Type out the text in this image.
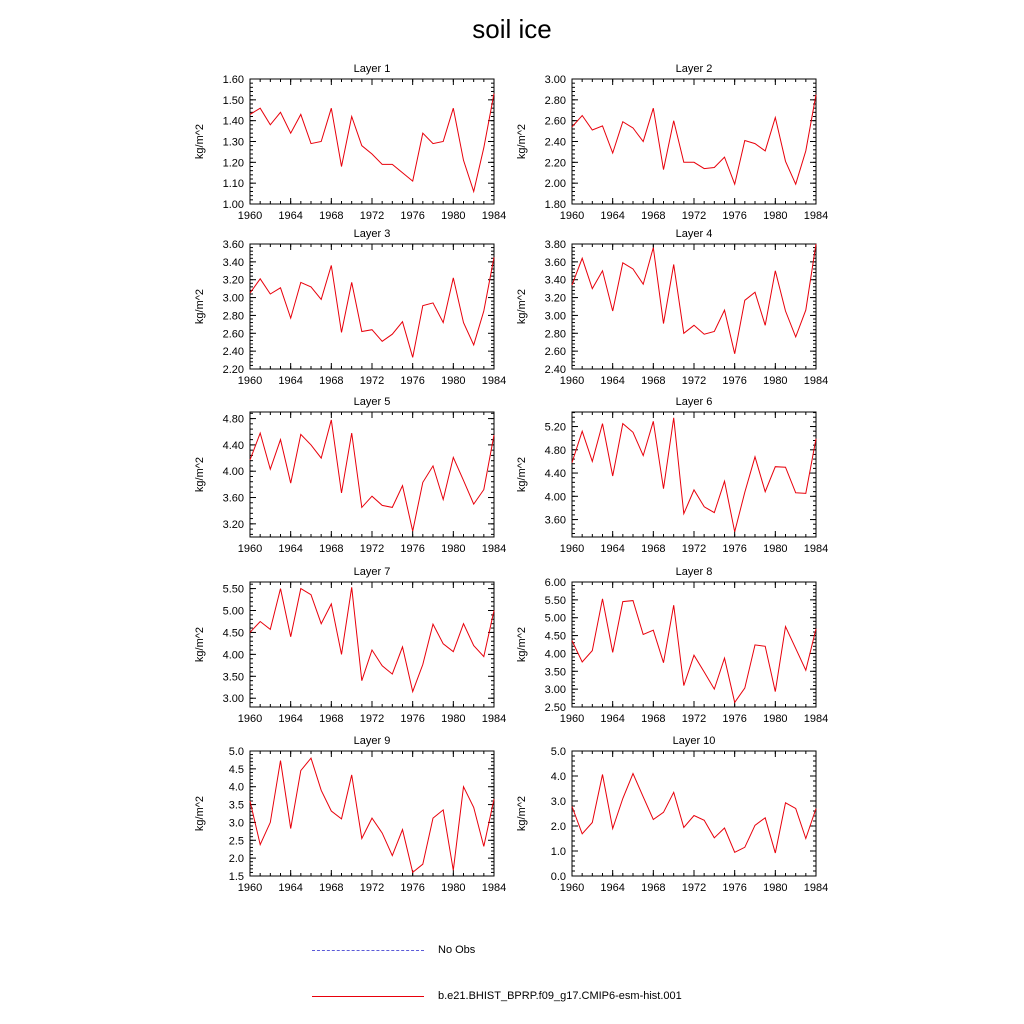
soil ice
Layer 1
kg/m^2
1960 1964 1968 1972 1976 1980 1984
1.00
1.10
1.20
1.30
1.40
1.50
1.60
Layer 2
kg/m^2
1960 1964 1968 1972 1976 1980 1984
1.80
2.00
2.20
2.40
2.60
2.80
3.00
Layer 3
kg/m^2
1960 1964 1968 1972 1976 1980 1984
2.20
2.40
2.60
2.80
3.00
3.20
3.40
3.60
Layer 4
kg/m^2
1960 1964 1968 1972 1976 1980 1984
2.40
2.60
2.80
3.00
3.20
3.40
3.60
3.80
Layer 5
kg/m^2
1960 1964 1968 1972 1976 1980 1984
3.20
3.60
4.00
4.40
4.80
Layer 6
kg/m^2
1960 1964 1968 1972 1976 1980 1984
3.60
4.00
4.40
4.80
5.20
Layer 7
kg/m^2
1960 1964 1968 1972 1976 1980 1984
3.00
3.50
4.00
4.50
5.00
5.50
Layer 8
kg/m^2
1960 1964 1968 1972 1976 1980 1984
2.50
3.00
3.50
4.00
4.50
5.00
5.50
6.00
Layer 9
kg/m^2
1960 1964 1968 1972 1976 1980 1984
1.5
2.0
2.5
3.0
3.5
4.0
4.5
5.0
Layer 10
kg/m^2
1960 1964 1968 1972 1976 1980 1984
0.0
1.0
2.0
3.0
4.0
5.0
No Obs
b.e21.BHIST_BPRP.f09_g17.CMIP6-esm-hist.001
